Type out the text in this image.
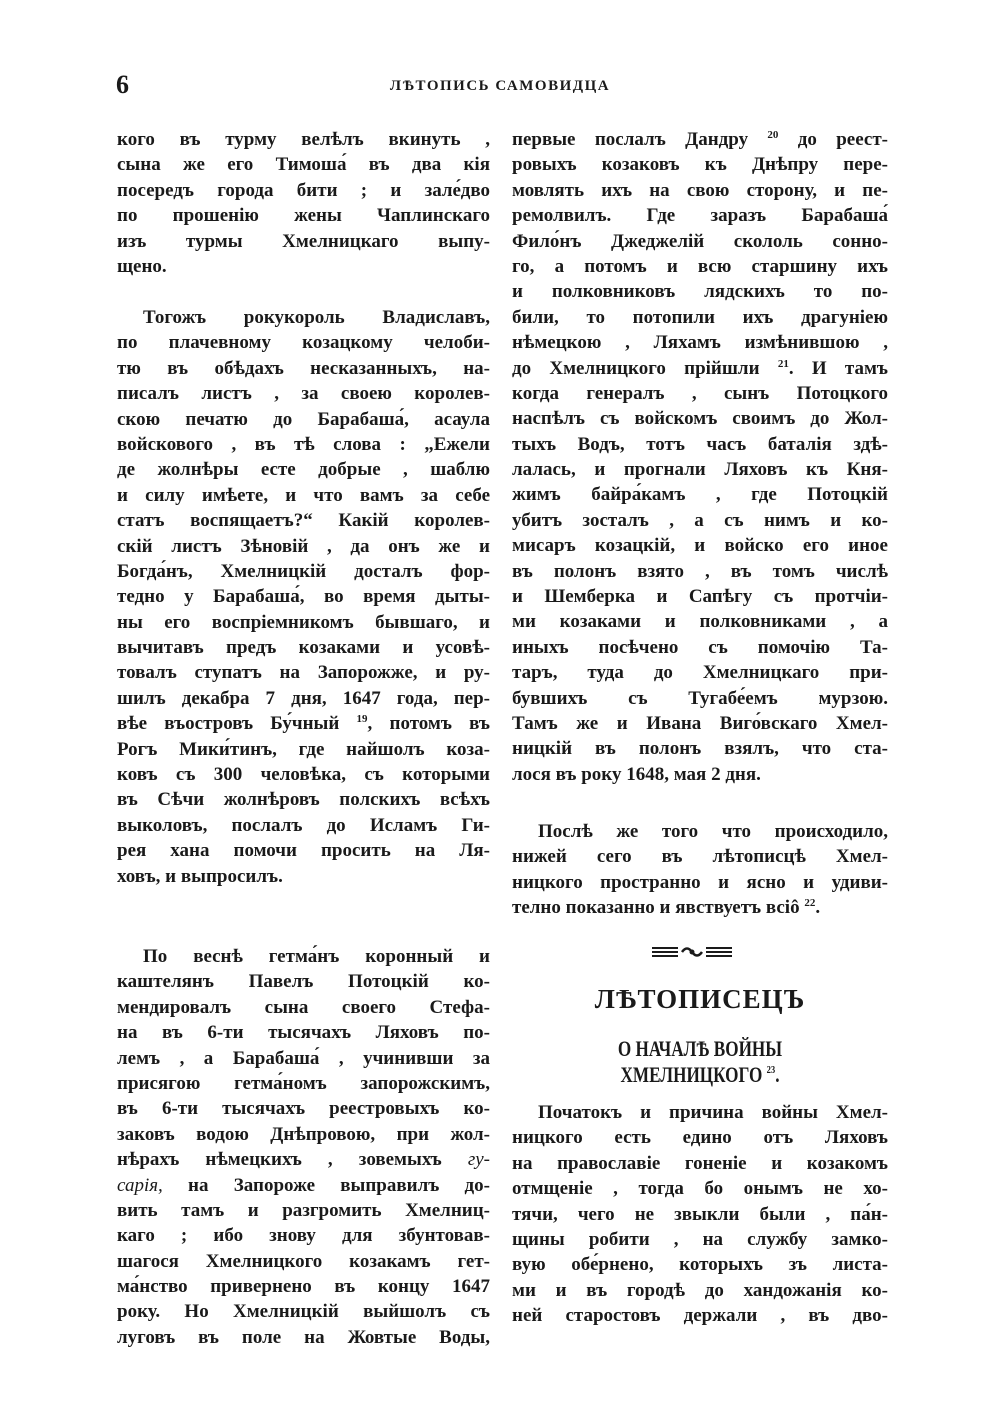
6	ЛѢТОПИСЬ САМОВИДЦА
кого въ турму велѣлъ вкинуть ,
сына же его Тимоша́ въ два кія
посередъ города бити ; и зале́дво
по прошенію жены Чаплинскаго
изъ турмы Хмелницкаго выпу-
щено.
Тогожъ рокукороль Владиславъ,
по плачевному козацкому челоби-
тю въ обѣдахъ несказанныхъ, на-
писалъ листъ , за своею королев-
скою печатю до Барабаша́, асаула
войскового , въ тѣ слова : „Ежели
де жолнѣры есте добрые , шаблю
и силу имѣете, и что вамъ за себе
статъ воспящаетъ?“ Какій королев-
скій листъ Зѣновій , да онъ же и
Богда́нъ, Хмелницкій досталъ фор-
тедно у Барабаша́, во время дыты-
ны его воспріемникомъ бывшаго, и
вычитавъ предъ козаками и усовѣ-
товалъ ступатъ на Запорожже, и ру-
шилъ декабра 7 дня, 1647 года, пер-
вѣе въостровъ Бу́чный $^{19}$, потомъ въ
Рогъ Мики́тинъ, где найшолъ коза-
ковъ съ 300 человѣка, съ которыми
въ Сѣчи жолнѣровъ полскихъ всѣхъ
выколовъ, послалъ до Исламъ Ги-
рея хана помочи просить на Ля-
ховъ, и выпросилъ.
По веснѣ гетма́нъ коронный и
каштелянъ Павелъ Потоцкій ко-
мендировалъ сына своего Стефа-
на въ 6-ти тысячахъ Ляховъ по-
лемъ , а Барабаша́ , учинивши за
присягою гетма́номъ запорожскимъ,
въ 6-ти тысячахъ реестровыхъ ко-
заковъ водою Днѣпровою, при жол-
нѣрахъ нѣмецкихъ , зовемыхъ гу-
сарія, на Запороже выправилъ до-
вить тамъ и разгромить Хмелниц-
каго ; ибо знову для збунтовав-
шагося Хмелницкого козакамъ гет-
ма́нство привернено въ концу 1647
року. Но Хмелницкій выйшолъ съ
луговъ въ поле на Жовтые Воды,
первые послалъ Дандру $^{20}$ до реест-
ровыхъ козаковъ къ Днѣпру пере-
мовлять ихъ на свою сторону, и пе-
ремолвилъ. Где заразъ Барабаша́
Фило́нъ Джеджелій скололь сонно-
го, а потомъ и всю старшину ихъ
и полковниковъ лядскихъ то по-
били, то потопили ихъ драгуніею
нѣмецкою , Ляхамъ измѣнившою ,
до Хмелницкого прійшли $^{21}$. И тамъ
когда генералъ , сынъ Потоцкого
наспѣлъ съ войскомъ своимъ до Жол-
тыхъ Водъ, тотъ часъ баталія здѣ-
лалась, и прогнали Ляховъ къ Кня-
жимъ байра́камъ , где Потоцкій
убитъ зосталъ , а съ нимъ и ко-
мисаръ козацкій, и войско его иное
въ полонъ взято , въ томъ числѣ
и Шемберка и Сапѣгу съ протчіи-
ми козаками и полковниками , а
иныхъ посѣчено съ помочію Та-
таръ, туда до Хмелницкаго при-
бувшихъ съ Тугабе́емъ мурзою.
Тамъ же и Ивана Виго́вскаго Хмел-
ницкій въ полонъ взялъ, что ста-
лося въ року 1648, мая 2 дня.
Послѣ же того что происходило,
нижей сего въ лѣтописцѣ Хмел-
ницкого пространно и ясно и удиви-
телно показанно и явствуетъ всіô $^{22}$.
Початокъ и причина войны Хмел-
ницкого есть едино отъ Ляховъ
на православіе гоненіе и козакомъ
отмщеніе , тогда бо онымъ не хо-
тячи, чего не звыкли были , па́н-
щины робити , на службу замко-
вую обе́рнено, которыхъ зъ листа-
ми и въ городѣ до хандожанія ко-
ней старостовъ держали , въ дво-
ЛѢТОПИСЕЦЪ
О НАЧАЛѢ ВОЙНЫ ХМЕЛНИЦКОГО $^{23}$.
